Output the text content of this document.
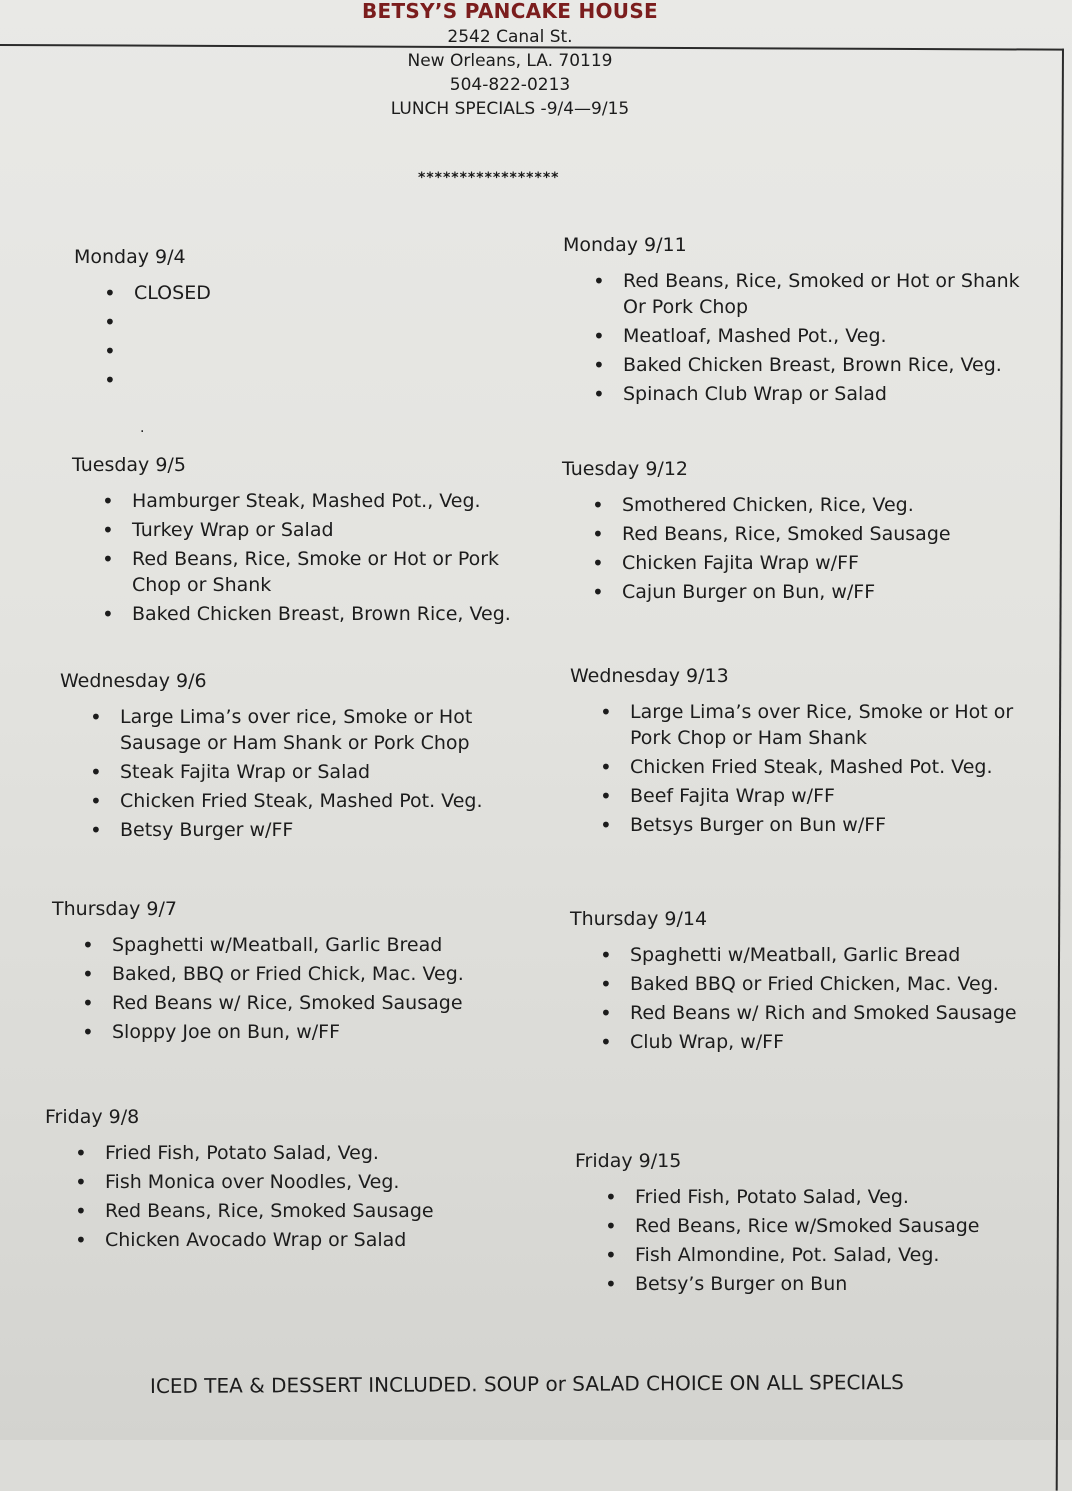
BETSY’S PANCAKE HOUSE
2542 Canal St.
New Orleans, LA. 70119
504-822-0213
LUNCH SPECIALS -9/4—9/15
*****************
Monday 9/4
• CLOSED
•
•
•
.
Tuesday 9/5
• Hamburger Steak, Mashed Pot., Veg.
• Turkey Wrap or Salad
• Red Beans, Rice, Smoke or Hot or Pork Chop or Shank
• Baked Chicken Breast, Brown Rice, Veg.
Wednesday 9/6
• Large Lima’s over rice, Smoke or Hot Sausage or Ham Shank or Pork Chop
• Steak Fajita Wrap or Salad
• Chicken Fried Steak, Mashed Pot. Veg.
• Betsy Burger w/FF
Thursday 9/7
• Spaghetti w/Meatball, Garlic Bread
• Baked, BBQ or Fried Chick, Mac. Veg.
• Red Beans w/ Rice, Smoked Sausage
• Sloppy Joe on Bun, w/FF
Friday 9/8
• Fried Fish, Potato Salad, Veg.
• Fish Monica over Noodles, Veg.
• Red Beans, Rice, Smoked Sausage
• Chicken Avocado Wrap or Salad
Monday 9/11
• Red Beans, Rice, Smoked or Hot or Shank Or Pork Chop
• Meatloaf, Mashed Pot., Veg.
• Baked Chicken Breast, Brown Rice, Veg.
• Spinach Club Wrap or Salad
Tuesday 9/12
• Smothered Chicken, Rice, Veg.
• Red Beans, Rice, Smoked Sausage
• Chicken Fajita Wrap w/FF
• Cajun Burger on Bun, w/FF
Wednesday 9/13
• Large Lima’s over Rice, Smoke or Hot or Pork Chop or Ham Shank
• Chicken Fried Steak, Mashed Pot. Veg.
• Beef Fajita Wrap w/FF
• Betsys Burger on Bun w/FF
Thursday 9/14
• Spaghetti w/Meatball, Garlic Bread
• Baked BBQ or Fried Chicken, Mac. Veg.
• Red Beans w/ Rich and Smoked Sausage
• Club Wrap, w/FF
Friday 9/15
• Fried Fish, Potato Salad, Veg.
• Red Beans, Rice w/Smoked Sausage
• Fish Almondine, Pot. Salad, Veg.
• Betsy’s Burger on Bun
ICED TEA & DESSERT INCLUDED. SOUP or SALAD CHOICE ON ALL SPECIALS
